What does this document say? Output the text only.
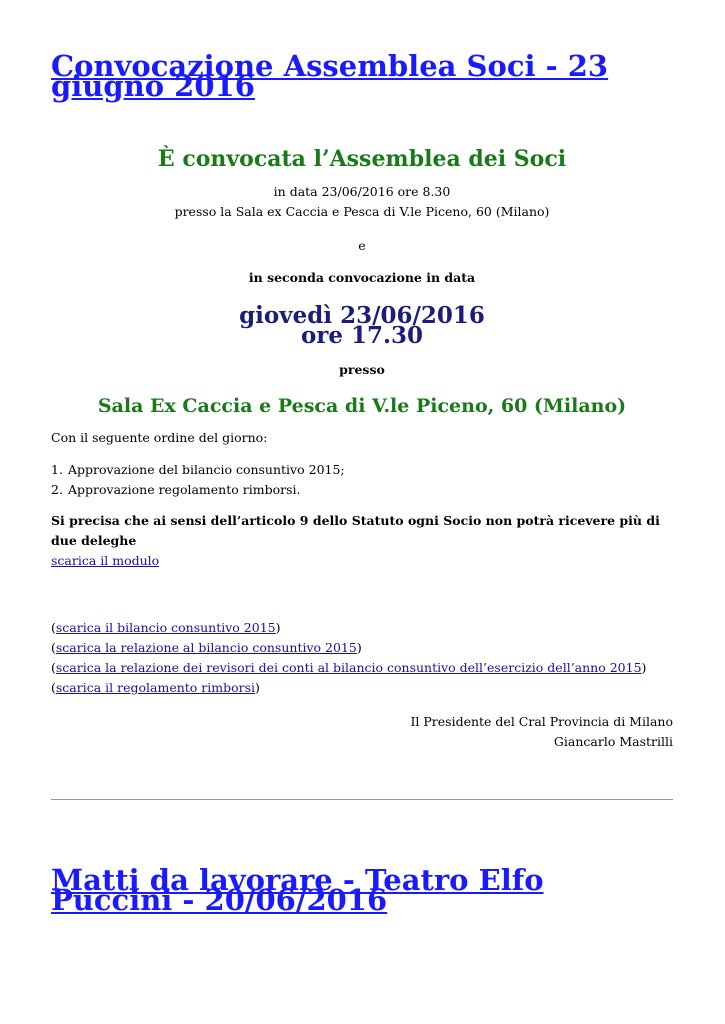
Convocazione Assemblea Soci - 23 giugno 2016
È convocata l’Assemblea dei Soci
in data 23/06/2016 ore 8.30
presso la Sala ex Caccia e Pesca di V.le Piceno, 60 (Milano)
e
in seconda convocazione in data
giovedì 23/06/2016
ore 17.30
presso
Sala Ex Caccia e Pesca di V.le Piceno, 60 (Milano)
Con il seguente ordine del giorno:
1. Approvazione del bilancio consuntivo 2015;
2. Approvazione regolamento rimborsi.
Si precisa che ai sensi dell’articolo 9 dello Statuto ogni Socio non potrà ricevere più di due deleghe
scarica il modulo
(scarica il bilancio consuntivo 2015)
(scarica la relazione al bilancio consuntivo 2015)
(scarica la relazione dei revisori dei conti al bilancio consuntivo dell’esercizio dell’anno 2015)
(scarica il regolamento rimborsi)
Il Presidente del Cral Provincia di Milano
Giancarlo Mastrilli
Matti da lavorare - Teatro Elfo Puccini - 20/06/2016
